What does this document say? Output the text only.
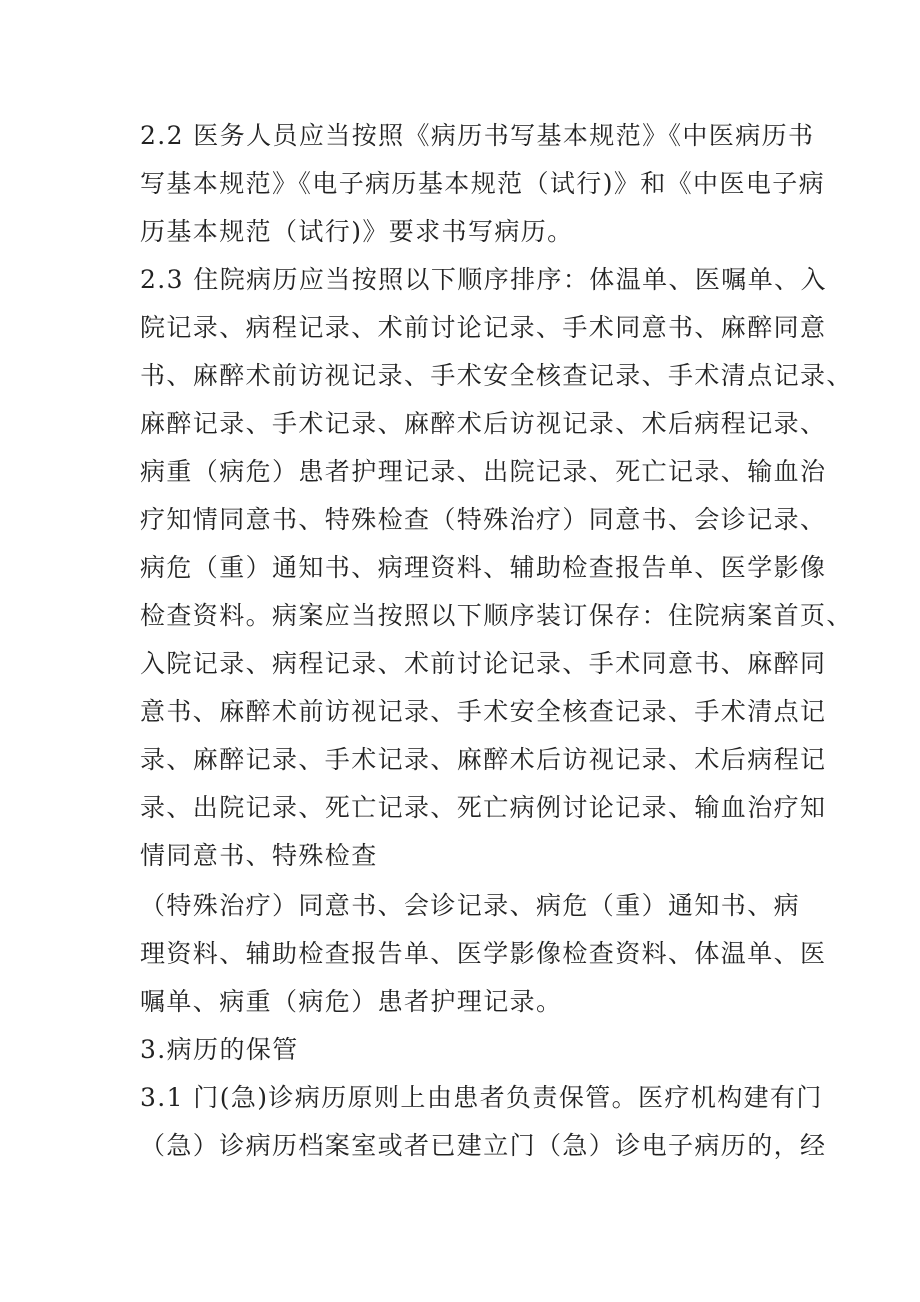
2.2 医务人员应当按照《病历书写基本规范》《中医病历书
写基本规范》《电子病历基本规范（试行)》和《中医电子病
历基本规范（试行)》要求书写病历。
2.3 住院病历应当按照以下顺序排序：体温单、医嘱单、入
院记录、病程记录、术前讨论记录、手术同意书、麻醉同意
书、麻醉术前访视记录、手术安全核查记录、手术清点记录、
麻醉记录、手术记录、麻醉术后访视记录、术后病程记录、
病重（病危）患者护理记录、出院记录、死亡记录、输血治
疗知情同意书、特殊检查（特殊治疗）同意书、会诊记录、
病危（重）通知书、病理资料、辅助检查报告单、医学影像
检查资料。病案应当按照以下顺序装订保存：住院病案首页、
入院记录、病程记录、术前讨论记录、手术同意书、麻醉同
意书、麻醉术前访视记录、手术安全核查记录、手术清点记
录、麻醉记录、手术记录、麻醉术后访视记录、术后病程记
录、出院记录、死亡记录、死亡病例讨论记录、输血治疗知
情同意书、特殊检查
（特殊治疗）同意书、会诊记录、病危（重）通知书、病
理资料、辅助检查报告单、医学影像检查资料、体温单、医
嘱单、病重（病危）患者护理记录。
3.病历的保管
3.1 门(急)诊病历原则上由患者负责保管。医疗机构建有门
（急）诊病历档案室或者已建立门（急）诊电子病历的，经
